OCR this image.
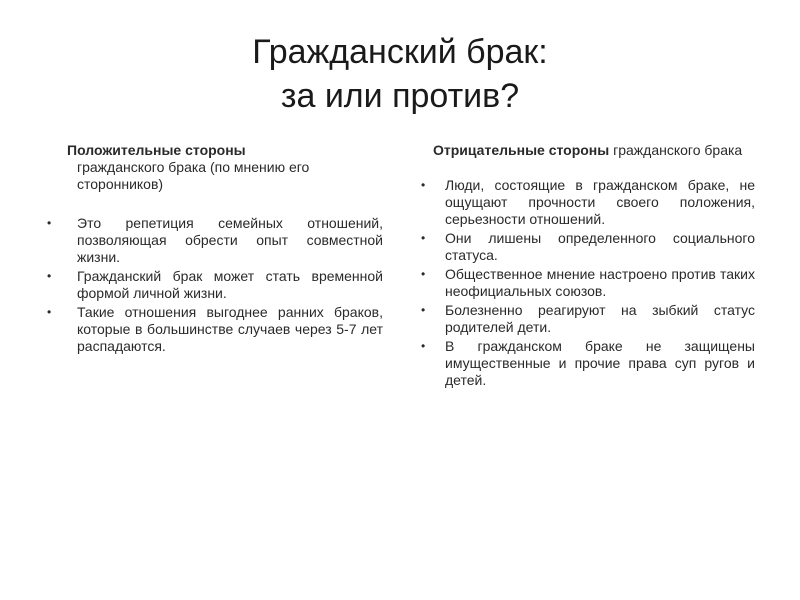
Гражданский брак:
за или против?
Положительные стороны
гражданского брака (по мнению его сторонников)
• Это репетиция семейных отношений, позволяющая обрести опыт совместной жизни.
• Гражданский брак может стать временной формой личной жизни.
• Такие отношения выгоднее ранних браков, которые в большинстве случаев через 5-7 лет распадаются.
Отрицательные стороны гражданского брака
• Люди, состоящие в гражданском браке, не ощущают прочности своего положения, серьезности отношений.
• Они лишены определенного социального статуса.
• Общественное мнение настроено против таких неофициальных союзов.
• Болезненно реагируют на зыбкий статус родителей дети.
• В гражданском браке не защищены имущественные и прочие права суп ругов и детей.
